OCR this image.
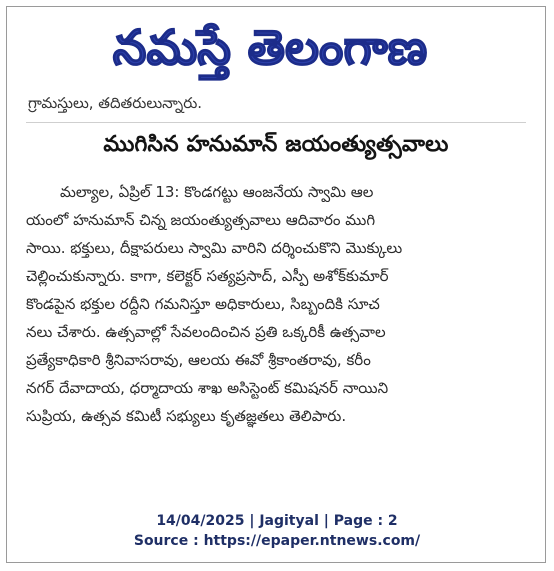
నమస్తే తెలంగాణ
గ్రామస్తులు, తదితరులున్నారు.
ముగిసిన హనుమాన్ జయంత్యుత్సవాలు
మల్యాల, ఏప్రిల్ 13: కొండగట్టు ఆంజనేయ స్వామి ఆల
యంలో హనుమాన్ చిన్న జయంత్యుత్సవాలు ఆదివారం ముగి
సాయి. భక్తులు, దీక్షాపరులు స్వామి వారిని దర్శించుకొని మొక్కులు
చెల్లించుకున్నారు. కాగా, కలెక్టర్ సత్యప్రసాద్, ఎస్పీ అశోక్‌కుమార్
కొండపైన భక్తుల రద్దీని గమనిస్తూ అధికారులు, సిబ్బందికి సూచ
నలు చేశారు. ఉత్సవాల్లో సేవలందించిన ప్రతి ఒక్కరికీ ఉత్సవాల
ప్రత్యేకాధికారి శ్రీనివాసరావు, ఆలయ ఈవో శ్రీకాంతరావు, కరీం
నగర్ దేవాదాయ, ధర్మాదాయ శాఖ అసిస్టెంట్ కమిషనర్ నాయిని
సుప్రియ, ఉత్సవ కమిటీ సభ్యులు కృతజ్ఞతలు తెలిపారు.
14/04/2025 | Jagityal | Page : 2
Source : https://epaper.ntnews.com/
